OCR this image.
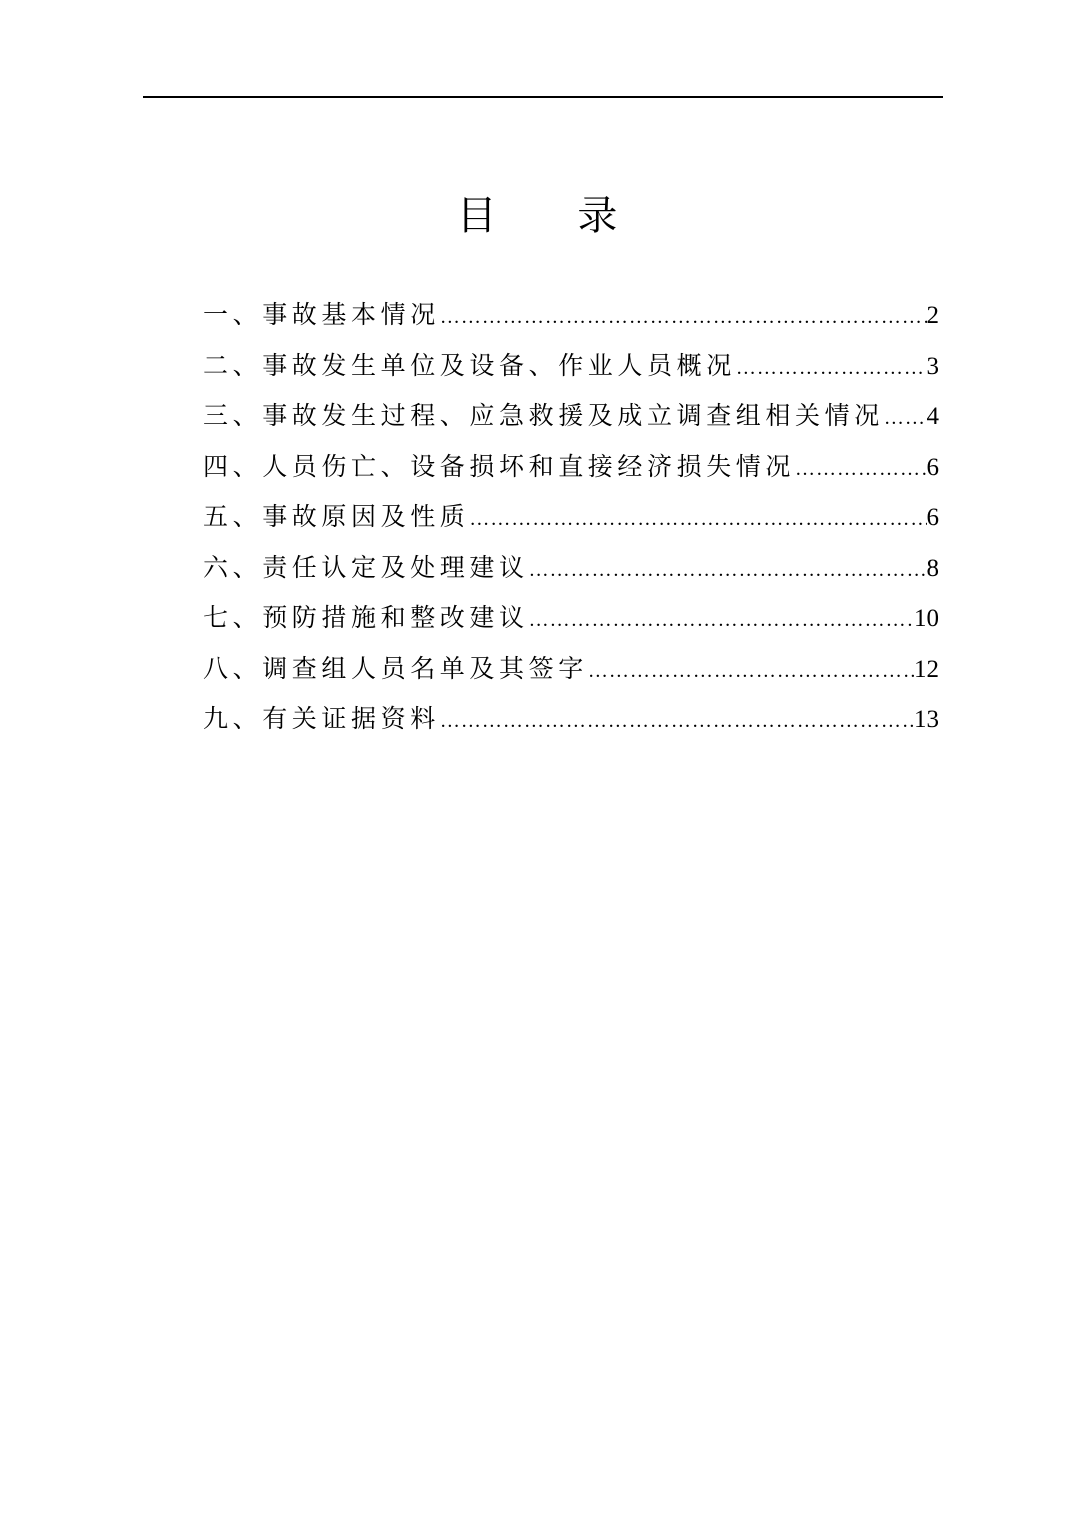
目 录
一、事故基本情况 ………………………………………………………………………………………………………………………………………………………………………………	2
二、事故发生单位及设备、作业人员概况 ………………………………………………………………………………………………………………………………………………………………………………	3
三、事故发生过程、应急救援及成立调查组相关情况 ……………………………………………………………………………………………………………………………………………………………………………… 4
四、人员伤亡、设备损坏和直接经济损失情况 ………………………………………………………………………………………………………………………………………………………………………………	6
五、事故原因及性质 ………………………………………………………………………………………………………………………………………………………………………………	6
六、责任认定及处理建议 ………………………………………………………………………………………………………………………………………………………………………………	8
七、预防措施和整改建议 ………………………………………………………………………………………………………………………………………………………………………………	10
八、调查组人员名单及其签字 ………………………………………………………………………………………………………………………………………………………………………………	12
九、有关证据资料 ………………………………………………………………………………………………………………………………………………………………………………	13
